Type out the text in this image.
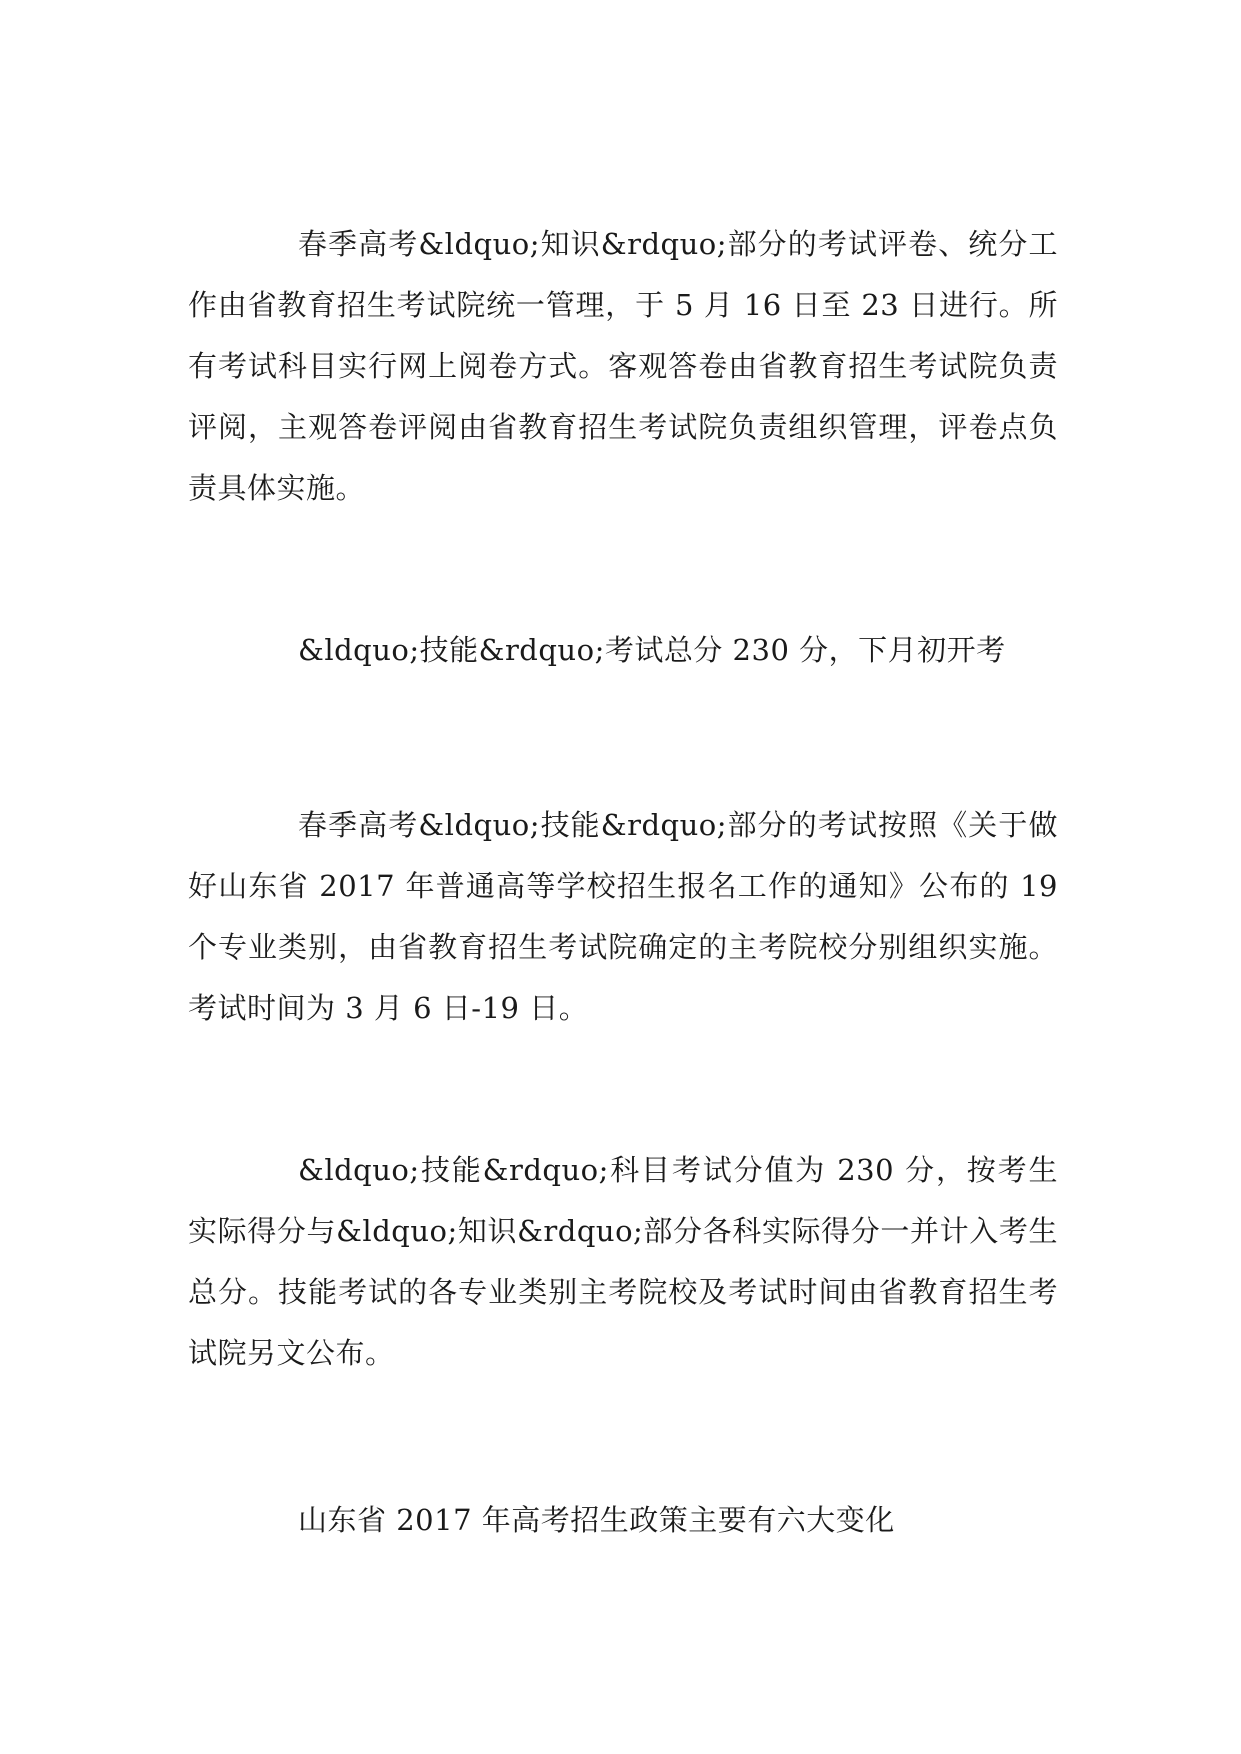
春季高考&ldquo;知识&rdquo;部分的考试评卷、统分工作由省教育招生考试院统一管理，于 5 月 16 日至 23 日进行。所有考试科目实行网上阅卷方式。客观答卷由省教育招生考试院负责评阅，主观答卷评阅由省教育招生考试院负责组织管理，评卷点负责具体实施。

&ldquo;技能&rdquo;考试总分 230 分，下月初开考

春季高考&ldquo;技能&rdquo;部分的考试按照《关于做好山东省 2017 年普通高等学校招生报名工作的通知》公布的 19 个专业类别，由省教育招生考试院确定的主考院校分别组织实施。考试时间为 3 月 6 日-19 日。

&ldquo;技能&rdquo;科目考试分值为 230 分，按考生实际得分与&ldquo;知识&rdquo;部分各科实际得分一并计入考生总分。技能考试的各专业类别主考院校及考试时间由省教育招生考试院另文公布。

山东省 2017 年高考招生政策主要有六大变化
